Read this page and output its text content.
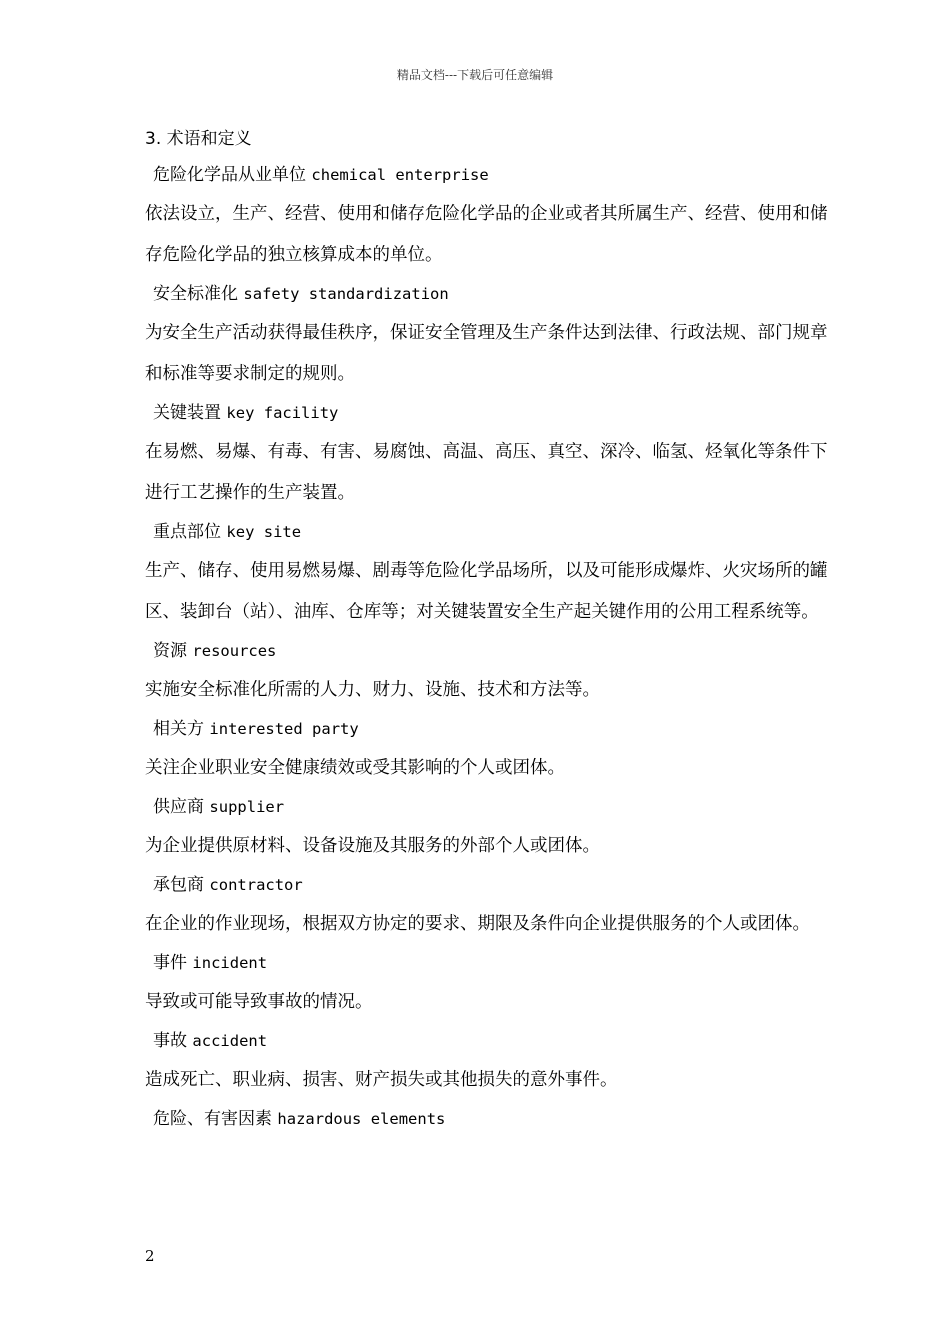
精品文档---下载后可任意编辑
3. 术语和定义
危险化学品从业单位 chemical enterprise
依法设立，生产、经营、使用和储存危险化学品的企业或者其所属生产、经营、使用和储存危险化学品的独立核算成本的单位。
安全标准化 safety standardization
为安全生产活动获得最佳秩序，保证安全管理及生产条件达到法律、行政法规、部门规章和标准等要求制定的规则。
关键装置 key facility
在易燃、易爆、有毒、有害、易腐蚀、高温、高压、真空、深冷、临氢、烃氧化等条件下进行工艺操作的生产装置。
重点部位 key site
生产、储存、使用易燃易爆、剧毒等危险化学品场所，以及可能形成爆炸、火灾场所的罐区、装卸台（站）、油库、仓库等；对关键装置安全生产起关键作用的公用工程系统等。
资源 resources
实施安全标准化所需的人力、财力、设施、技术和方法等。
相关方 interested party
关注企业职业安全健康绩效或受其影响的个人或团体。
供应商 supplier
为企业提供原材料、设备设施及其服务的外部个人或团体。
承包商 contractor
在企业的作业现场，根据双方协定的要求、期限及条件向企业提供服务的个人或团体。
事件 incident
导致或可能导致事故的情况。
事故 accident
造成死亡、职业病、损害、财产损失或其他损失的意外事件。
危险、有害因素 hazardous elements
2
